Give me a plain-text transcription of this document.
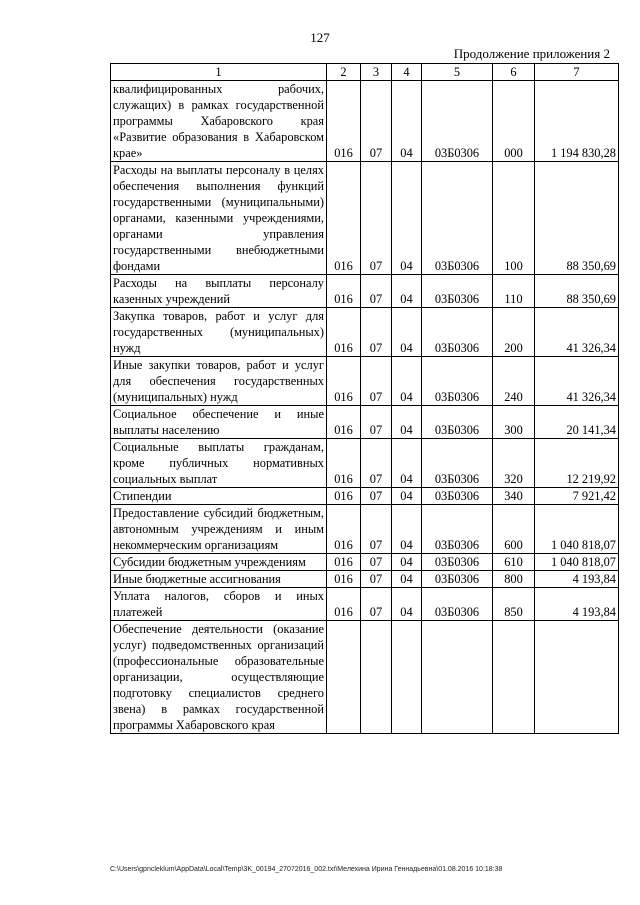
127
Продолжение приложения 2
1	2	3	4	5	6	7
квалифицированных рабочих, служащих) в рамках государственной программы Хабаровского края «Развитие образования в Хабаровском крае»	016	07	04	03Б0306	000	1 194 830,28
Расходы на выплаты персоналу в целях обеспечения выполнения функций государственными (муниципальными) органами, казенными учреждениями, органами управления государственными внебюджетными фондами	016	07	04	03Б0306	100	88 350,69
Расходы на выплаты персоналу казенных учреждений	016	07	04	03Б0306	110	88 350,69
Закупка товаров, работ и услуг для государственных (муниципальных) нужд	016	07	04	03Б0306	200	41 326,34
Иные закупки товаров, работ и услуг для обеспечения государственных (муниципальных) нужд	016	07	04	03Б0306	240	41 326,34
Социальное обеспечение и иные выплаты населению	016	07	04	03Б0306	300	20 141,34
Социальные выплаты гражданам, кроме публичных нормативных социальных выплат	016	07	04	03Б0306	320	12 219,92
Стипендии	016	07	04	03Б0306	340	7 921,42
Предоставление субсидий бюджетным, автономным учреждениям и иным некоммерческим организациям	016	07	04	03Б0306	600	1 040 818,07
Субсидии бюджетным учреждениям	016	07	04	03Б0306	610	1 040 818,07
Иные бюджетные ассигнования	016	07	04	03Б0306	800	4 193,84
Уплата налогов, сборов и иных платежей	016	07	04	03Б0306	850	4 193,84
Обеспечение деятельности (оказание услуг) подведомственных организаций (профессиональные образовательные организации, осуществляющие подготовку специалистов среднего звена) в рамках государственной программы Хабаровского края						
C:\Users\gpncleklum\AppData\Local\Temp\3K_00194_27072016_002.txt\Мелехина Ирина Геннадьевна\01.08.2016 10:18:38
